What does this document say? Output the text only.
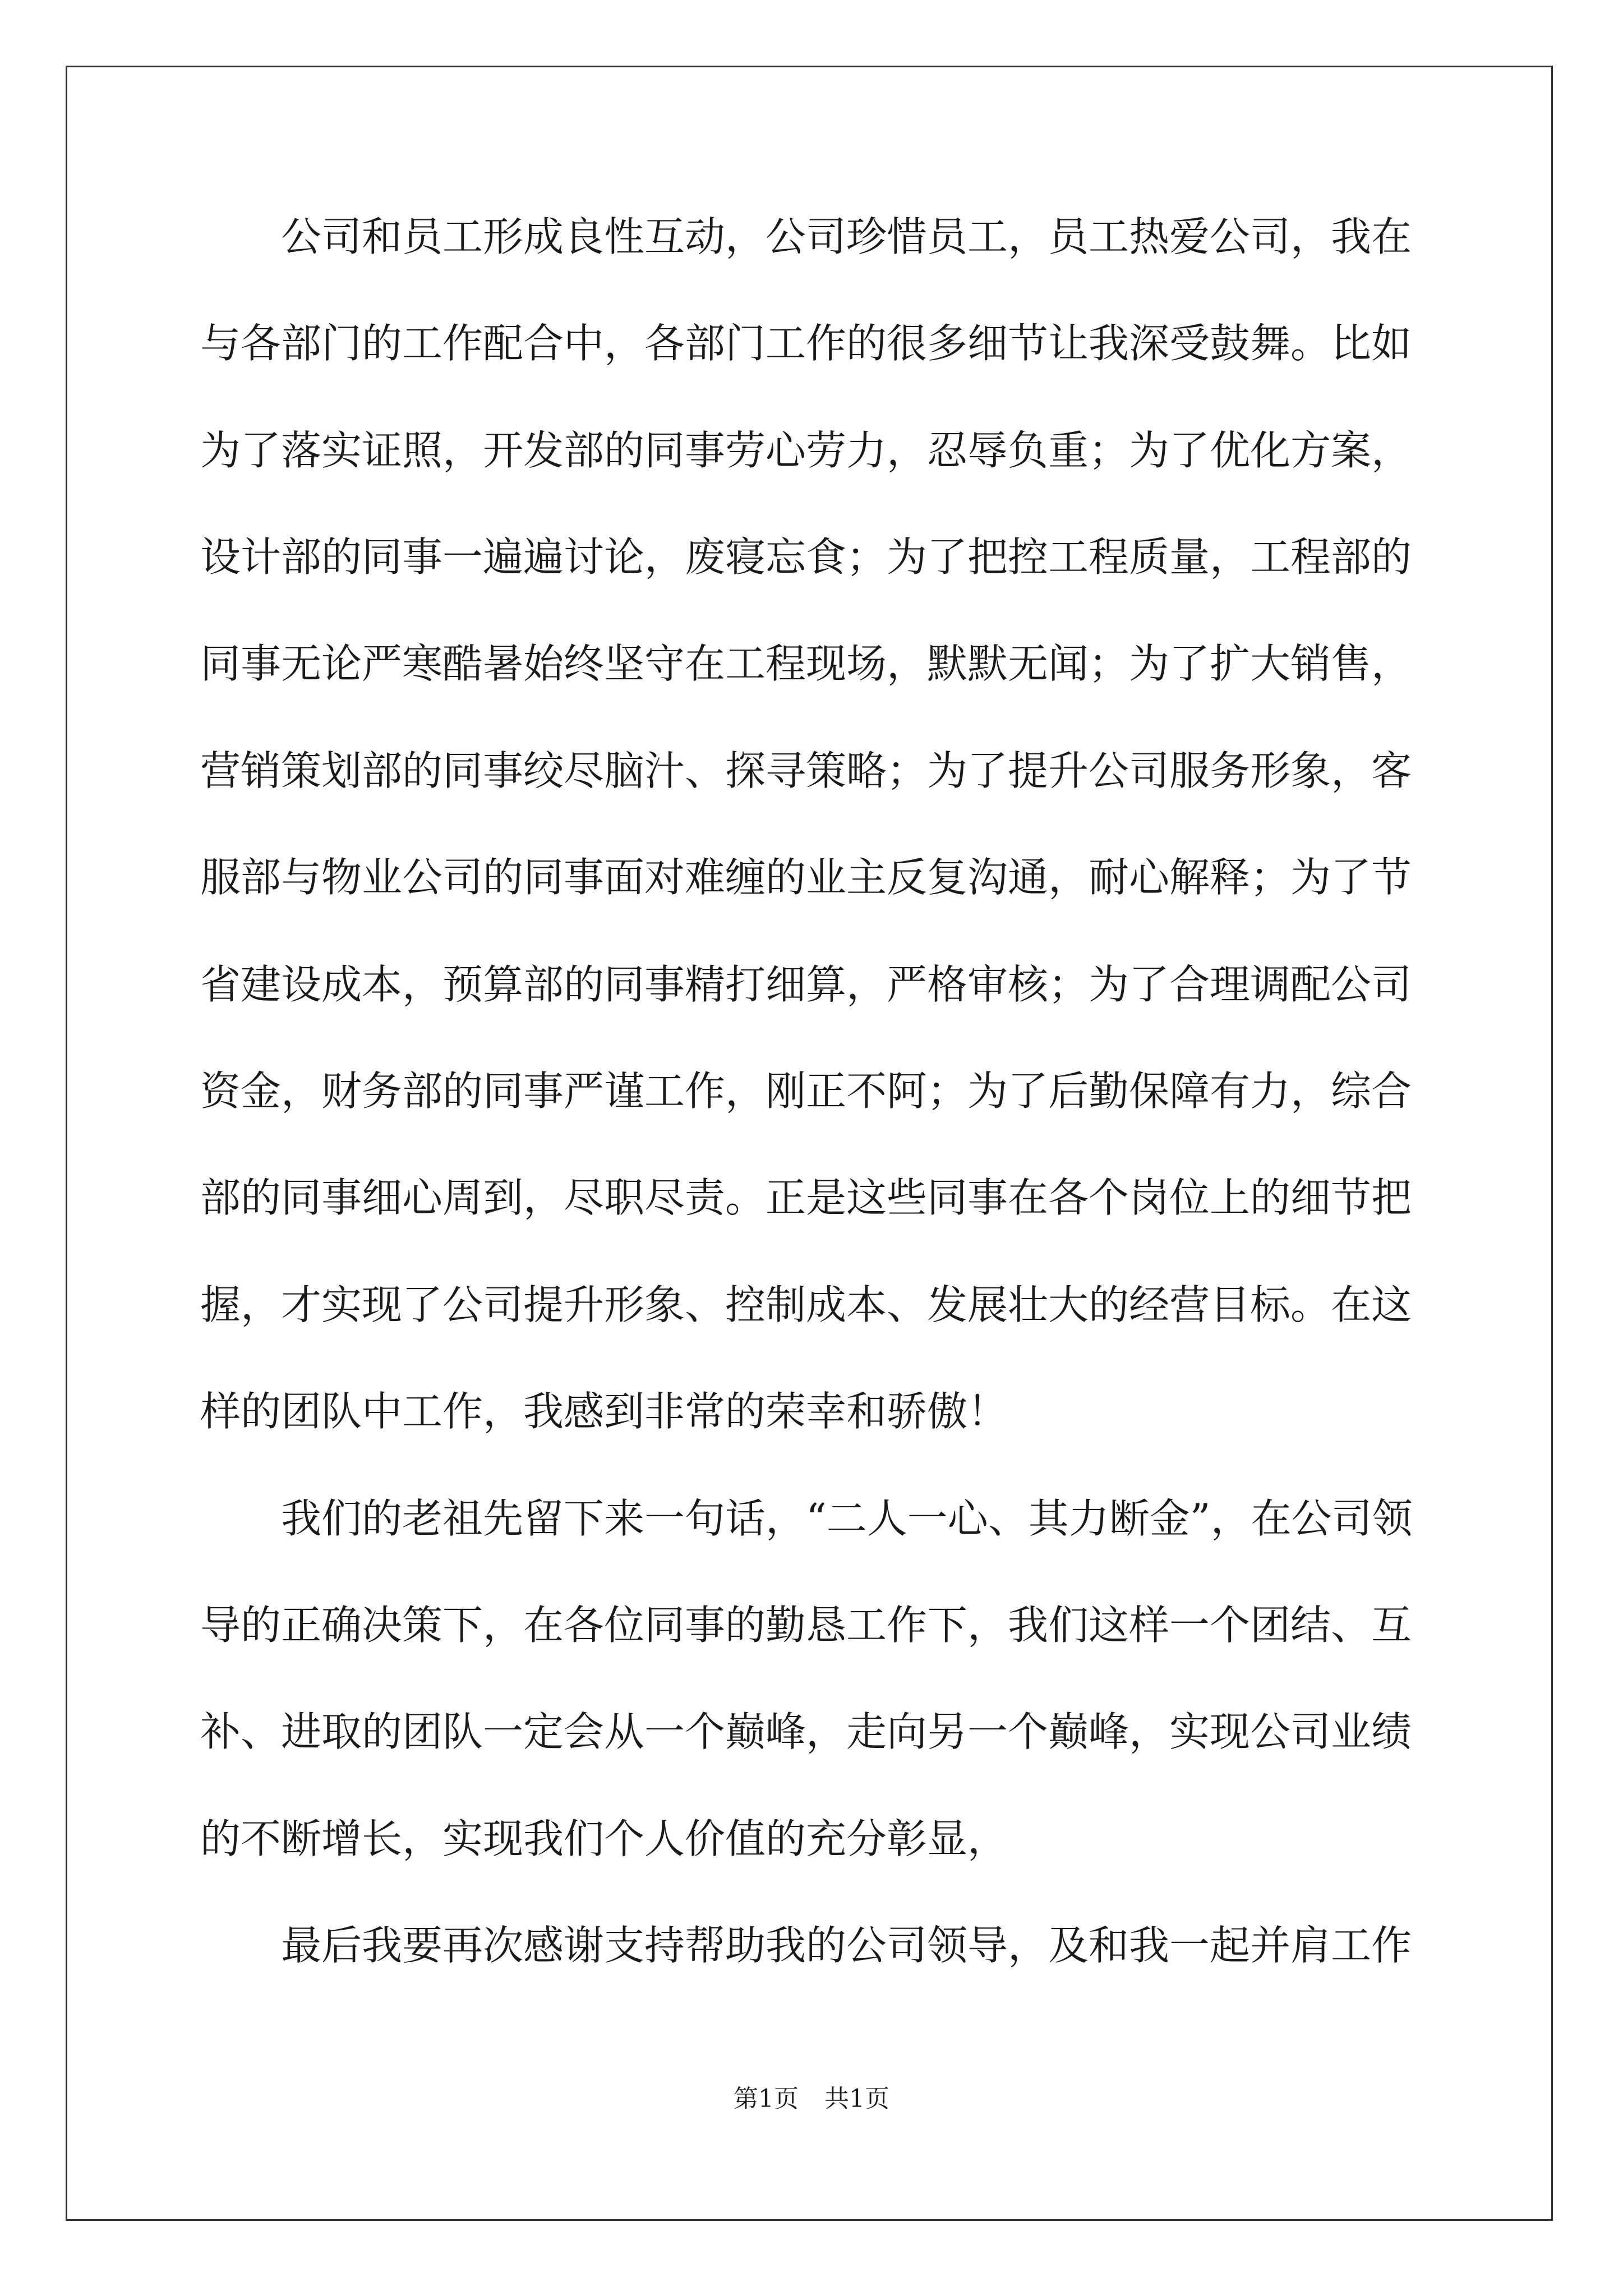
　　公司和员工形成良性互动，公司珍惜员工，员工热爱公司，我在
与各部门的工作配合中，各部门工作的很多细节让我深受鼓舞。比如
为了落实证照，开发部的同事劳心劳力，忍辱负重；为了优化方案，
设计部的同事一遍遍讨论，废寝忘食；为了把控工程质量，工程部的
同事无论严寒酷暑始终坚守在工程现场，默默无闻；为了扩大销售，
营销策划部的同事绞尽脑汁、探寻策略；为了提升公司服务形象，客
服部与物业公司的同事面对难缠的业主反复沟通，耐心解释；为了节
省建设成本，预算部的同事精打细算，严格审核；为了合理调配公司
资金，财务部的同事严谨工作，刚正不阿；为了后勤保障有力，综合
部的同事细心周到，尽职尽责。正是这些同事在各个岗位上的细节把
握，才实现了公司提升形象、控制成本、发展壮大的经营目标。在这
样的团队中工作，我感到非常的荣幸和骄傲！
　　我们的老祖先留下来一句话，“二人一心、其力断金”，在公司领
导的正确决策下，在各位同事的勤恳工作下，我们这样一个团结、互
补、进取的团队一定会从一个巅峰，走向另一个巅峰，实现公司业绩
的不断增长，实现我们个人价值的充分彰显，
　　最后我要再次感谢支持帮助我的公司领导，及和我一起并肩工作
第1页 共1页
